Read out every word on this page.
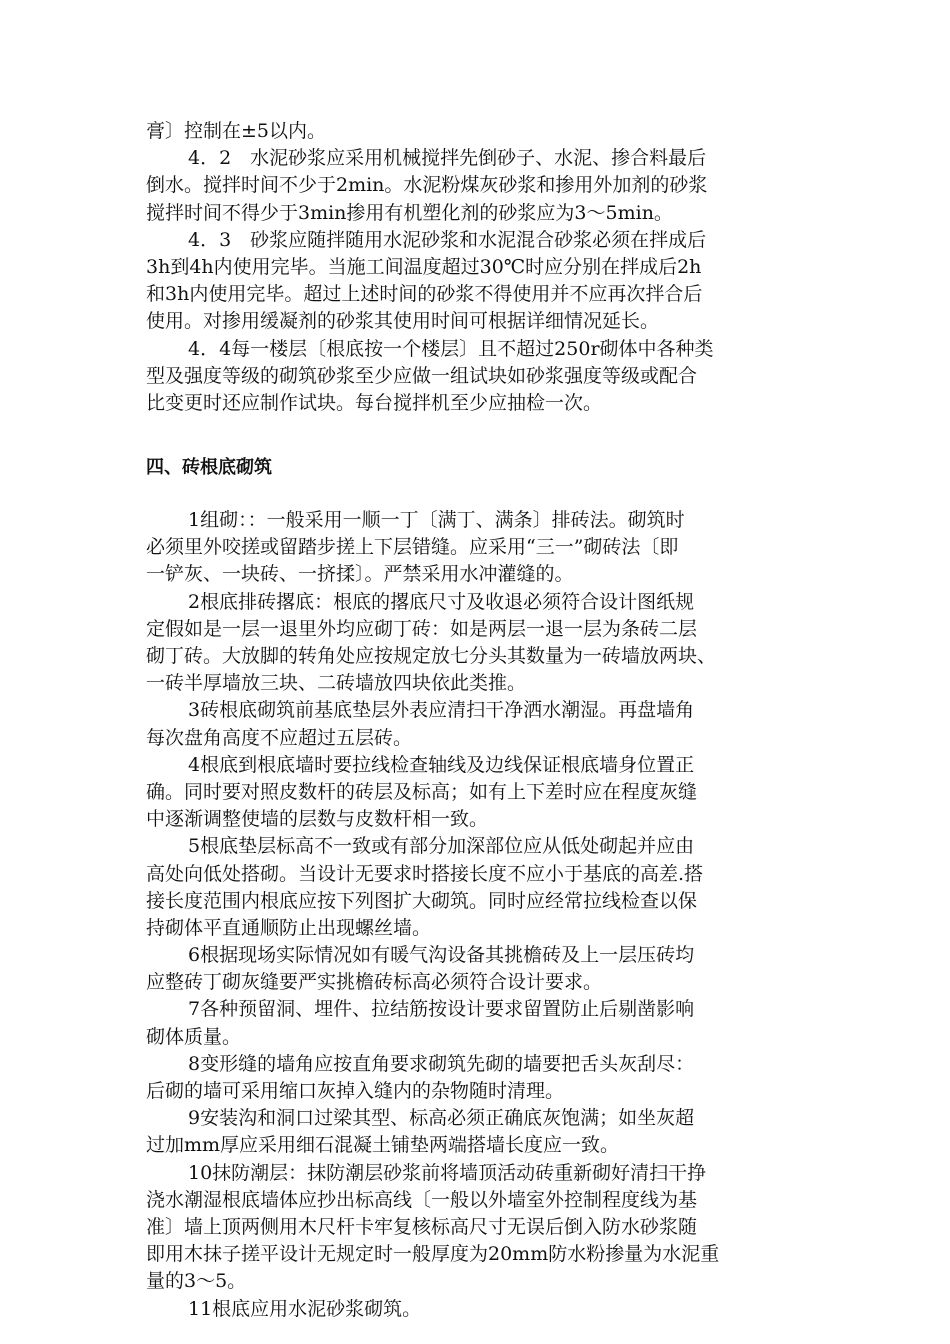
膏〕控制在±5以内。
4．2　水泥砂浆应采用机械搅拌先倒砂子、水泥、掺合料最后
倒水。搅拌时间不少于2min。水泥粉煤灰砂浆和掺用外加剂的砂浆
搅拌时间不得少于3min掺用有机塑化剂的砂浆应为3～5min。
4．3　砂浆应随拌随用水泥砂浆和水泥混合砂浆必须在拌成后
3h到4h内使用完毕。当施工间温度超过30℃时应分别在拌成后2h
和3h内使用完毕。超过上述时间的砂浆不得使用并不应再次拌合后
使用。对掺用缓凝剂的砂浆其使用时间可根据详细情况延长。
4．4每一楼层〔根底按一个楼层〕且不超过250r砌体中各种类
型及强度等级的砌筑砂浆至少应做一组试块如砂浆强度等级或配合
比变更时还应制作试块。每台搅拌机至少应抽检一次。
四、砖根底砌筑
1组砌：：一般采用一顺一丁〔满丁、满条〕排砖法。砌筑时
必须里外咬搓或留踏步搓上下层错缝。应采用“三一”砌砖法〔即
一铲灰、一块砖、一挤揉〕。严禁采用水冲灌缝的。
2根底排砖撂底：根底的撂底尺寸及收退必须符合设计图纸规
定假如是一层一退里外均应砌丁砖：如是两层一退一层为条砖二层
砌丁砖。大放脚的转角处应按规定放七分头其数量为一砖墙放两块、
一砖半厚墙放三块、二砖墙放四块依此类推。
3砖根底砌筑前基底垫层外表应清扫干净洒水潮湿。再盘墙角
每次盘角高度不应超过五层砖。
4根底到根底墙时要拉线检查轴线及边线保证根底墙身位置正
确。同时要对照皮数杆的砖层及标高；如有上下差时应在程度灰缝
中逐渐调整使墙的层数与皮数杆相一致。
5根底垫层标高不一致或有部分加深部位应从低处砌起并应由
高处向低处搭砌。当设计无要求时搭接长度不应小于基底的高差.搭
接长度范围内根底应按下列图扩大砌筑。同时应经常拉线检查以保
持砌体平直通顺防止出现螺丝墙。
6根据现场实际情况如有暖气沟设备其挑檐砖及上一层压砖均
应整砖丁砌灰缝要严实挑檐砖标高必须符合设计要求。
7各种预留洞、埋件、拉结筋按设计要求留置防止后剔凿影响
砌体质量。
8变形缝的墙角应按直角要求砌筑先砌的墙要把舌头灰刮尽：
后砌的墙可采用缩口灰掉入缝内的杂物随时清理。
9安装沟和洞口过梁其型、标高必须正确底灰饱满；如坐灰超
过加mm厚应采用细石混凝土铺垫两端搭墙长度应一致。
10抹防潮层：抹防潮层砂浆前将墙顶活动砖重新砌好清扫干挣
浇水潮湿根底墙体应抄出标高线〔一般以外墙室外控制程度线为基
准〕墙上顶两侧用木尺杆卡牢复核标高尺寸无误后倒入防水砂浆随
即用木抹子搓平设计无规定时一般厚度为20mm防水粉掺量为水泥重
量的3～5。
11根底应用水泥砂浆砌筑。
